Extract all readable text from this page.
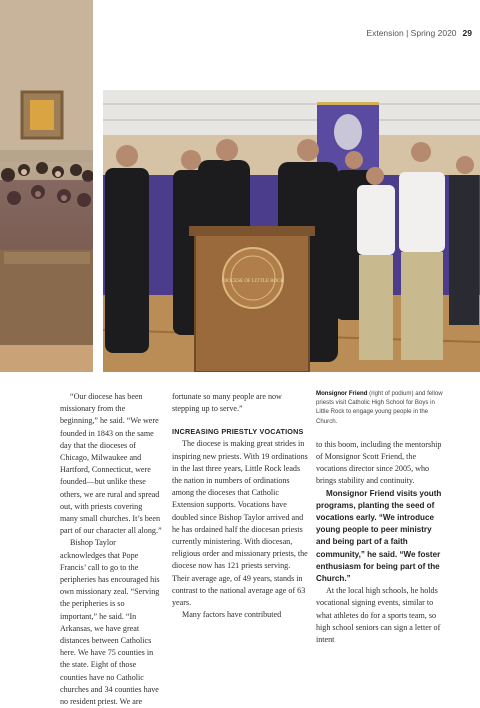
Extension | Spring 2020 29
DIOCESE OF LITTLE ROCK

“Our diocese has been missionary from the beginning,” he said. “We were founded in 1843 on the same day that the dioceses of Chicago, Milwaukee and Hartford, Connecticut, were founded—but unlike these others, we are rural and spread out, with priests covering many small churches. It’s been part of our character all along.”

Bishop Taylor acknowledges that Pope Francis’ call to go to the peripheries has encouraged his own missionary zeal. “Serving the peripheries is so important,” he said. “In Arkansas, we have great distances between Catholics here. We have 75 counties in the state. Eight of those counties have no Catholic churches and 34 counties have no resident priest. We are

fortunate so many people are now stepping up to serve.”

INCREASING PRIESTLY VOCATIONS

The diocese is making great strides in inspiring new priests. With 19 ordinations in the last three years, Little Rock leads the nation in numbers of ordinations among the dioceses that Catholic Extension supports. Vocations have doubled since Bishop Taylor arrived and he has ordained half the diocesan priests currently ministering. With diocesan, religious order and missionary priests, the diocese now has 121 priests serving. Their average age, of 49 years, stands in contrast to the national average age of 63 years.

Many factors have contributed

Monsignor Friend (right of podium) and fellow priests visit Catholic High School for Boys in Little Rock to engage young people in the Church.

to this boom, including the mentorship of Monsignor Scott Friend, the vocations director since 2005, who brings stability and continuity.

Monsignor Friend visits youth programs, planting the seed of vocations early. “We introduce young people to peer ministry and being part of a faith community,” he said. “We foster enthusiasm for being part of the Church.”

At the local high schools, he holds vocational signing events, similar to what athletes do for a sports team, so high school seniors can sign a letter of intent
